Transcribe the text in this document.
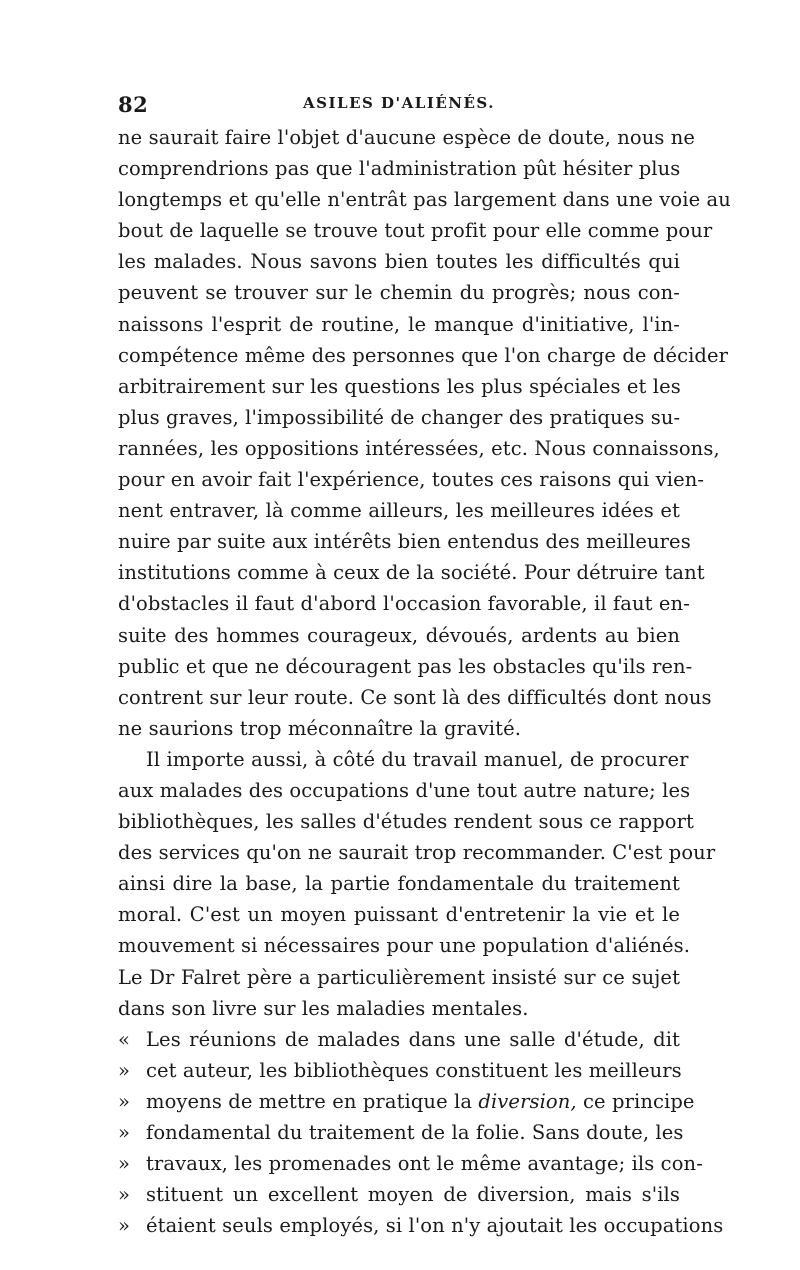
82	ASILES D'ALIÉNÉS.
ne saurait faire l'objet d'aucune espèce de doute, nous ne
comprendrions pas que l'administration pût hésiter plus
longtemps et qu'elle n'entrât pas largement dans une voie au
bout de laquelle se trouve tout profit pour elle comme pour
les malades. Nous savons bien toutes les difficultés qui
peuvent se trouver sur le chemin du progrès; nous con-
naissons l'esprit de routine, le manque d'initiative, l'in-
compétence même des personnes que l'on charge de décider
arbitrairement sur les questions les plus spéciales et les
plus graves, l'impossibilité de changer des pratiques su-
rannées, les oppositions intéressées, etc. Nous connaissons,
pour en avoir fait l'expérience, toutes ces raisons qui vien-
nent entraver, là comme ailleurs, les meilleures idées et
nuire par suite aux intérêts bien entendus des meilleures
institutions comme à ceux de la société. Pour détruire tant
d'obstacles il faut d'abord l'occasion favorable, il faut en-
suite des hommes courageux, dévoués, ardents au bien
public et que ne découragent pas les obstacles qu'ils ren-
contrent sur leur route. Ce sont là des difficultés dont nous
ne saurions trop méconnaître la gravité.
Il importe aussi, à côté du travail manuel, de procurer
aux malades des occupations d'une tout autre nature; les
bibliothèques, les salles d'études rendent sous ce rapport
des services qu'on ne saurait trop recommander. C'est pour
ainsi dire la base, la partie fondamentale du traitement
moral. C'est un moyen puissant d'entretenir la vie et le
mouvement si nécessaires pour une population d'aliénés.
Le Dr Falret père a particulièrement insisté sur ce sujet
dans son livre sur les maladies mentales.
« Les réunions de malades dans une salle d'étude, dit
» cet auteur, les bibliothèques constituent les meilleurs
» moyens de mettre en pratique la diversion, ce principe
» fondamental du traitement de la folie. Sans doute, les
» travaux, les promenades ont le même avantage; ils con-
» stituent un excellent moyen de diversion, mais s'ils
» étaient seuls employés, si l'on n'y ajoutait les occupations
